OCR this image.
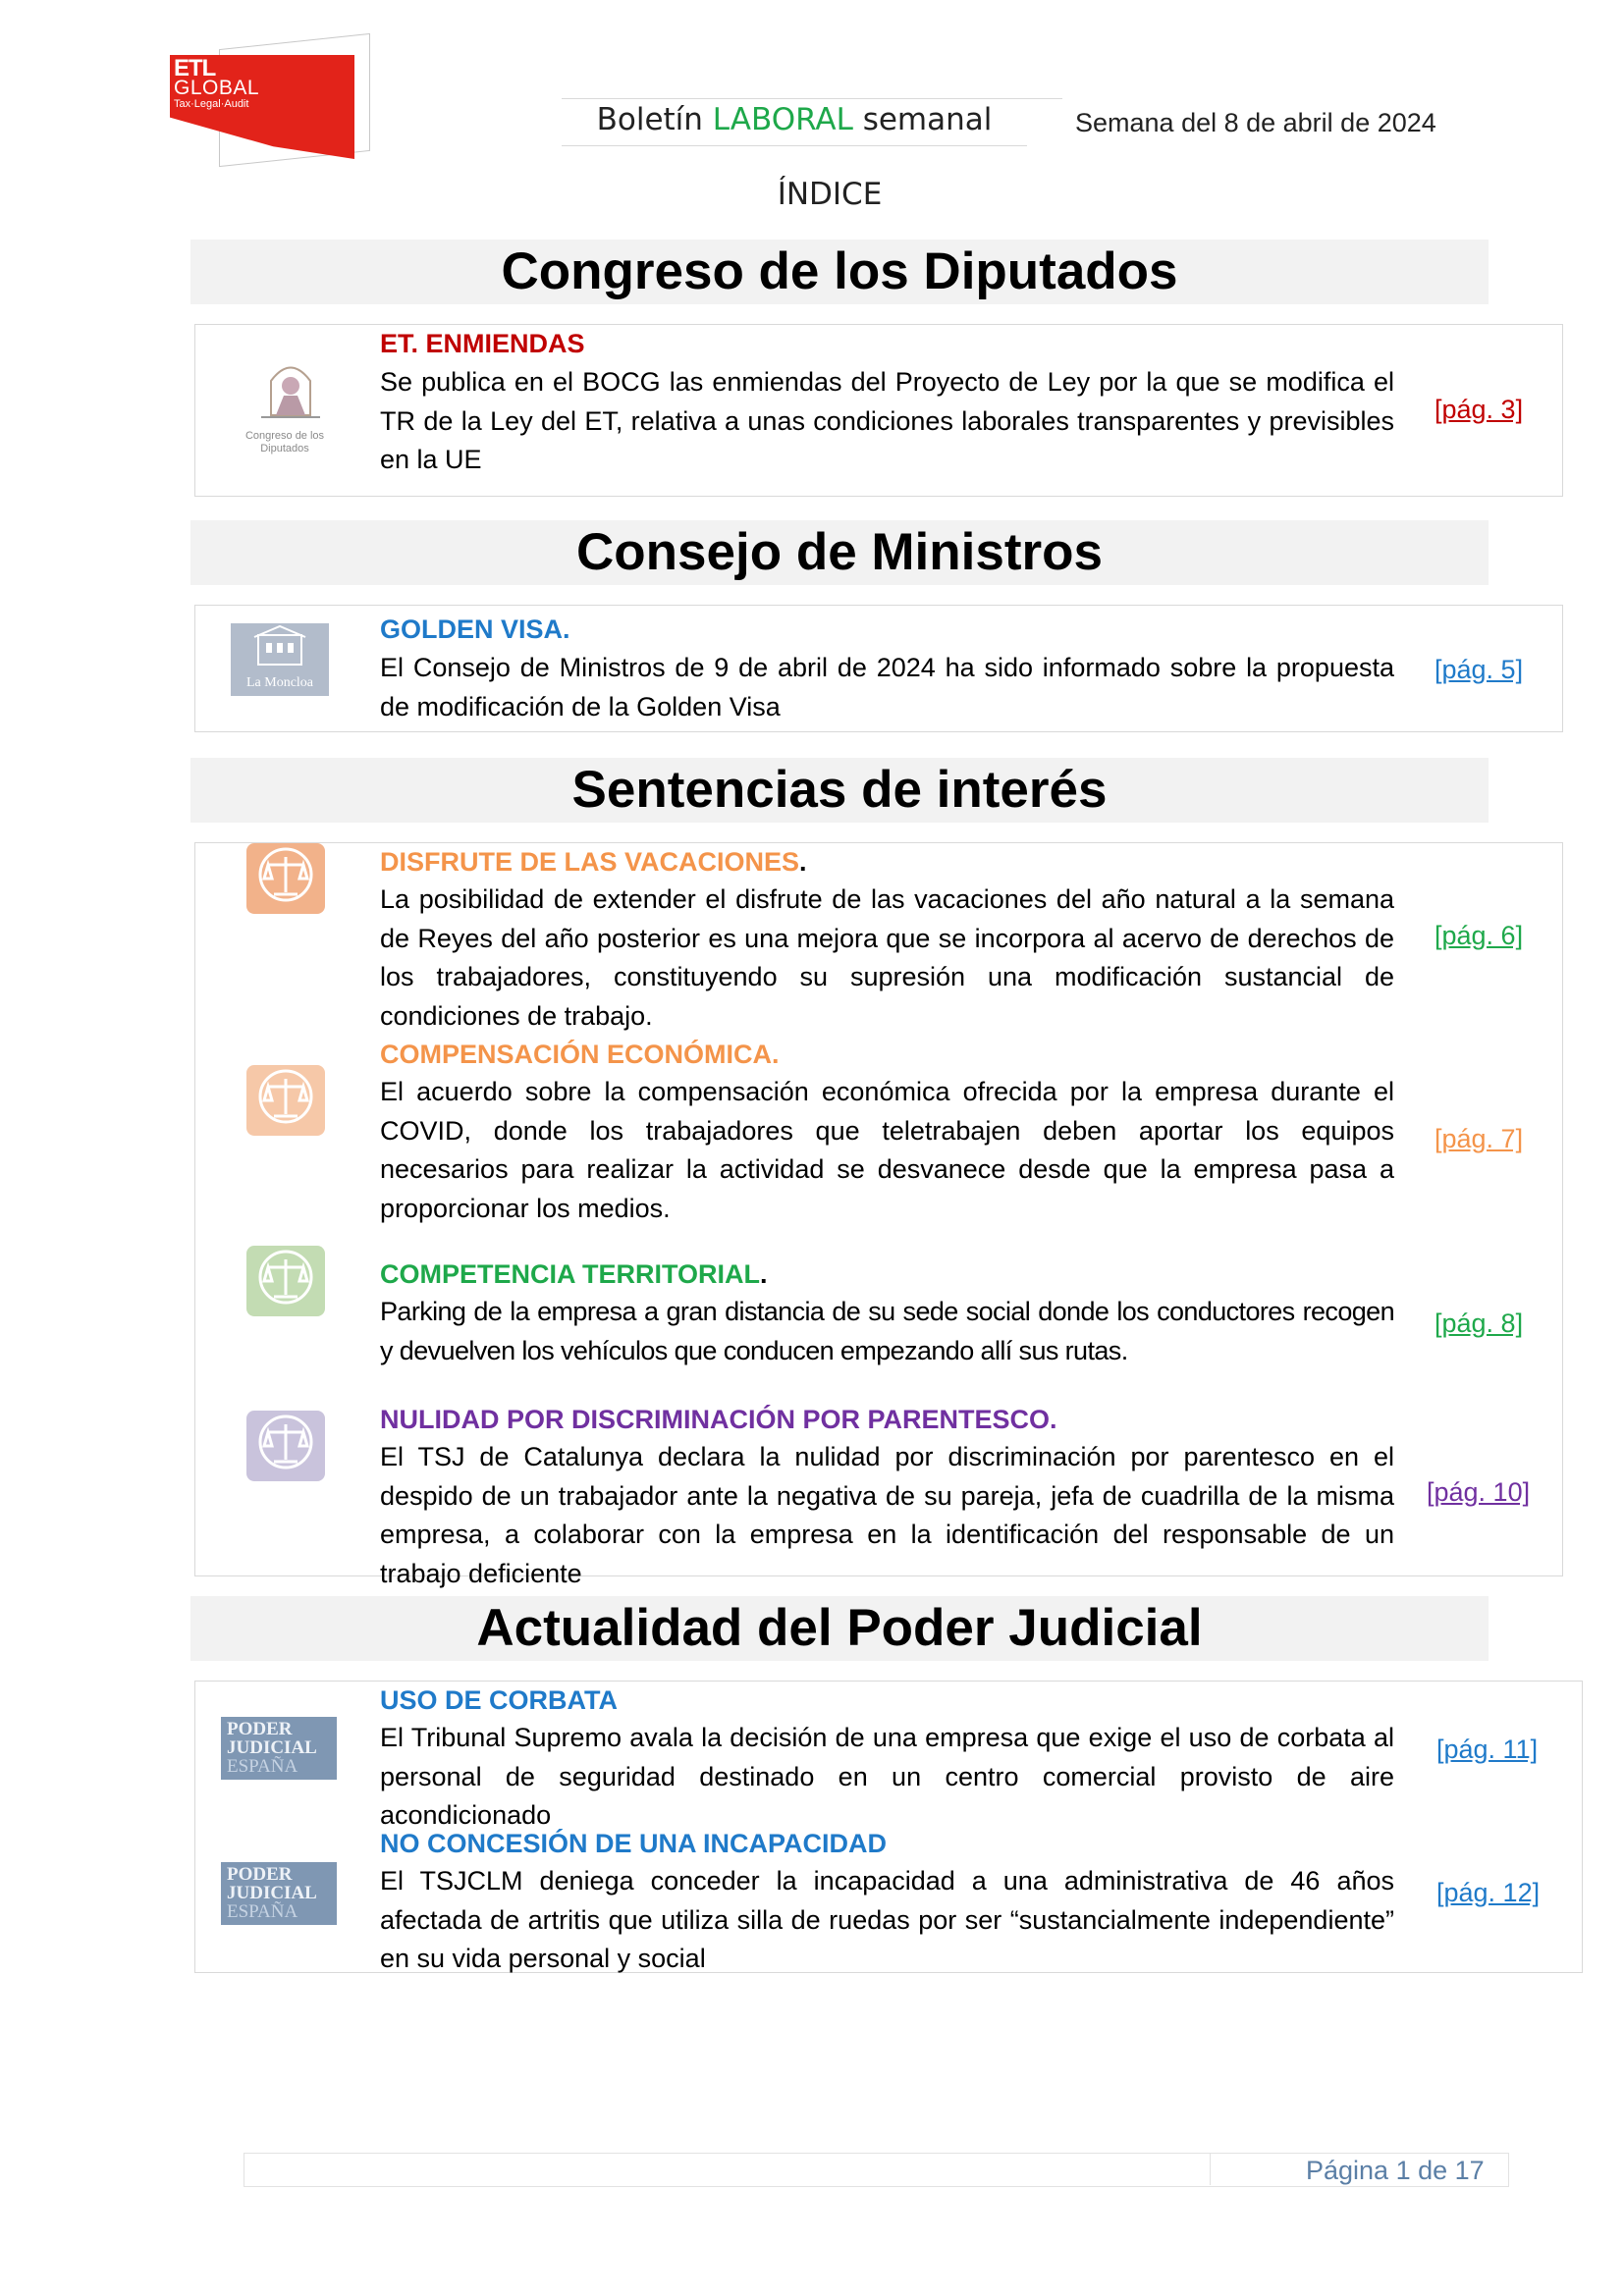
ETL
GLOBAL
Tax·Legal·Audit	Boletín LABORAL semanal	Semana del 8 de abril de 2024
ÍNDICE
Congreso de los Diputados
Congreso de los Diputados
ET. ENMIENDAS
Se publica en el BOCG las enmiendas del Proyecto de Ley por la que se modifica el TR de la Ley del ET, relativa a unas condiciones laborales transparentes y previsibles en la UE
[pág. 3]
Consejo de Ministros
La Moncloa
GOLDEN VISA.
El Consejo de Ministros de 9 de abril de 2024 ha sido informado sobre la propuesta de modificación de la Golden Visa
[pág. 5]
Sentencias de interés
DISFRUTE DE LAS VACACIONES.
La posibilidad de extender el disfrute de las vacaciones del año natural a la semana de Reyes del año posterior es una mejora que se incorpora al acervo de derechos de los trabajadores, constituyendo su supresión una modificación sustancial de condiciones de trabajo.
[pág. 6]
COMPENSACIÓN ECONÓMICA.
El acuerdo sobre la compensación económica ofrecida por la empresa durante el COVID, donde los trabajadores que teletrabajen deben aportar los equipos necesarios para realizar la actividad se desvanece desde que la empresa pasa a proporcionar los medios.
[pág. 7]
COMPETENCIA TERRITORIAL.
Parking de la empresa a gran distancia de su sede social donde los conductores recogen y devuelven los vehículos que conducen empezando allí sus rutas.
[pág. 8]
NULIDAD POR DISCRIMINACIÓN POR PARENTESCO.
El TSJ de Catalunya declara la nulidad por discriminación por parentesco en el despido de un trabajador ante la negativa de su pareja, jefa de cuadrilla de la misma empresa, a colaborar con la empresa en la identificación del responsable de un trabajo deficiente
[pág. 10]
Actualidad del Poder Judicial
PODER
JUDICIAL
ESPAÑA
USO DE CORBATA
El Tribunal Supremo avala la decisión de una empresa que exige el uso de corbata al personal de seguridad destinado en un centro comercial provisto de aire acondicionado
[pág. 11]
PODER
JUDICIAL
ESPAÑA
NO CONCESIÓN DE UNA INCAPACIDAD
El TSJCLM deniega conceder la incapacidad a una administrativa de 46 años afectada de artritis que utiliza silla de ruedas por ser “sustancialmente independiente” en su vida personal y social
[pág. 12]
Página 1 de 17
